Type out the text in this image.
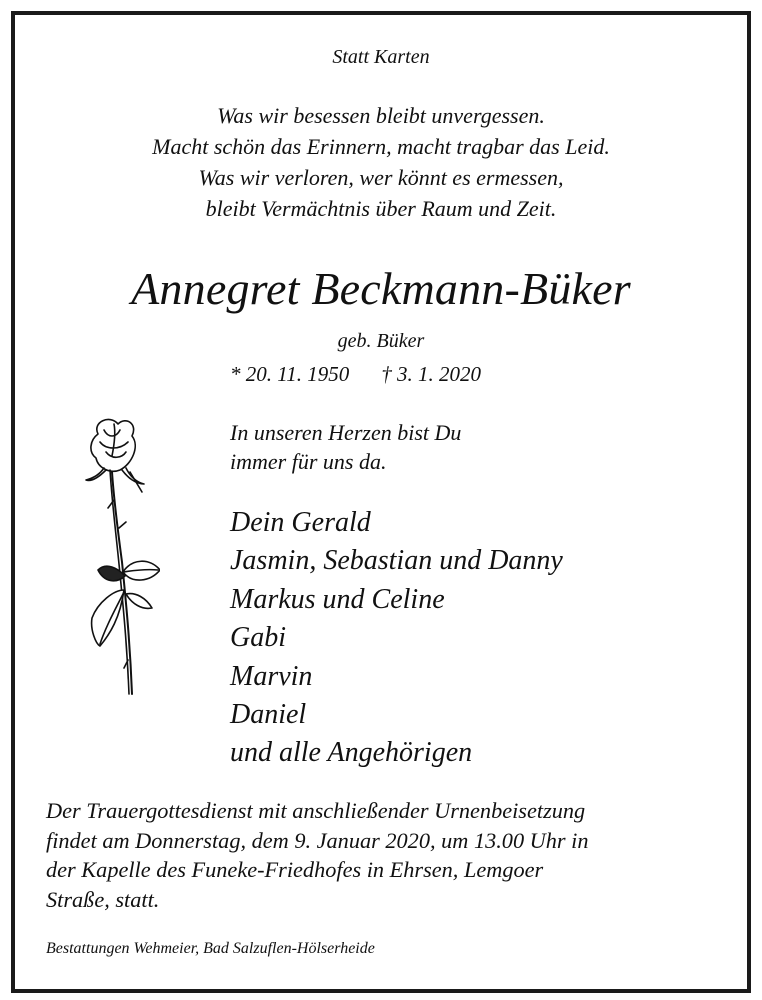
Statt Karten
Was wir besessen bleibt unvergessen.
Macht schön das Erinnern, macht tragbar das Leid.
Was wir verloren, wer könnt es ermessen,
bleibt Vermächtnis über Raum und Zeit.
Annegret Beckmann-Büker
geb. Büker
* 20. 11. 1950 † 3. 1. 2020
In unseren Herzen bist Du
immer für uns da.
Dein Gerald
Jasmin, Sebastian und Danny
Markus und Celine
Gabi
Marvin
Daniel
und alle Angehörigen
Der Trauergottesdienst mit anschließender Urnenbeisetzung
findet am Donnerstag, dem 9. Januar 2020, um 13.00 Uhr in
der Kapelle des Funeke-Friedhofes in Ehrsen, Lemgoer
Straße, statt.
Bestattungen Wehmeier, Bad Salzuflen-Hölserheide
